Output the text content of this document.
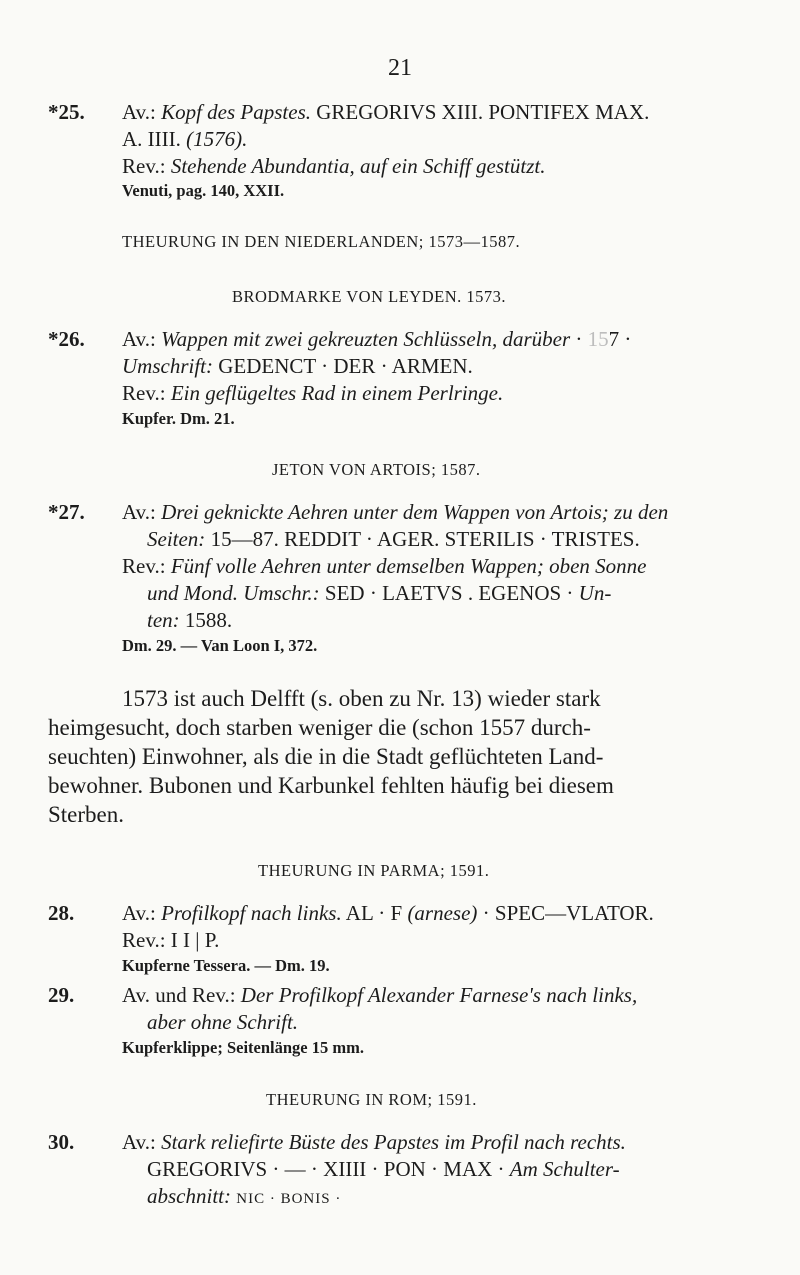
21
*25. Av.: Kopf des Papstes. GREGORIVS XIII. PONTIFEX MAX.
A. IIII. (1576).
Rev.: Stehende Abundantia, auf ein Schiff gestützt.
Venuti, pag. 140, XXII.
THEURUNG IN DEN NIEDERLANDEN; 1573—1587.
BRODMARKE VON LEYDEN. 1573.
*26. Av.: Wappen mit zwei gekreuzten Schlüsseln, darüber · 157 ·
Umschrift: GEDENCT · DER · ARMEN.
Rev.: Ein geflügeltes Rad in einem Perlringe.
Kupfer. Dm. 21.
JETON VON ARTOIS; 1587.
*27. Av.: Drei geknickte Aehren unter dem Wappen von Artois; zu den
Seiten: 15—87. REDDIT · AGER. STERILIS · TRISTES.
Rev.: Fünf volle Aehren unter demselben Wappen; oben Sonne
und Mond. Umschr.: SED · LAETVS . EGENOS · Un-
ten: 1588.
Dm. 29. — Van Loon I, 372.
1573 ist auch Delfft (s. oben zu Nr. 13) wieder stark
heimgesucht, doch starben weniger die (schon 1557 durch-
seuchten) Einwohner, als die in die Stadt geflüchteten Land-
bewohner. Bubonen und Karbunkel fehlten häufig bei diesem
Sterben.
THEURUNG IN PARMA; 1591.
28. Av.: Profilkopf nach links. AL · F (arnese) · SPEC—VLATOR.
Rev.: I I | P.
Kupferne Tessera. — Dm. 19.
29. Av. und Rev.: Der Profilkopf Alexander Farnese's nach links,
aber ohne Schrift.
Kupferklippe; Seitenlänge 15 mm.
THEURUNG IN ROM; 1591.
30. Av.: Stark reliefirte Büste des Papstes im Profil nach rechts.
GREGORIVS · — · XIIII · PON · MAX · Am Schulter-
abschnitt: NIC · BONIS ·
